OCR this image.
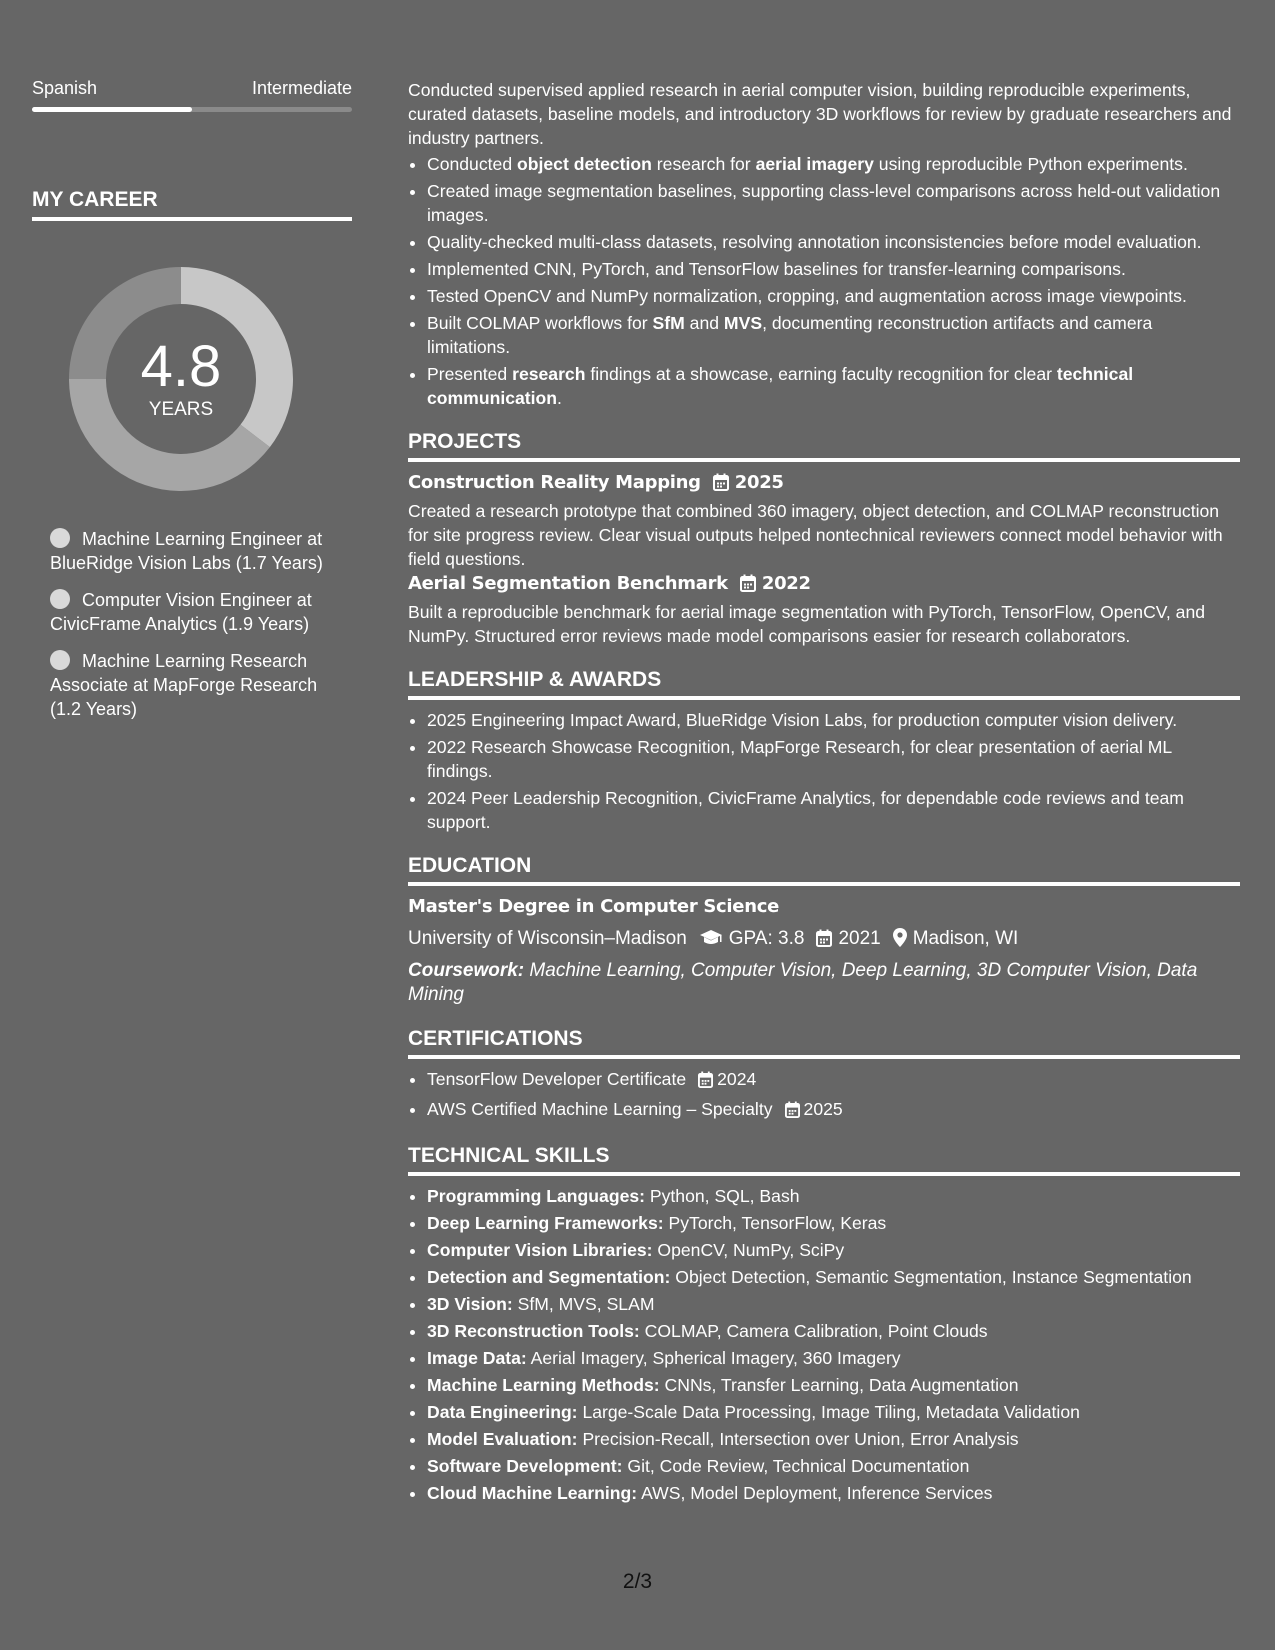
Spanish	Intermediate
MY CAREER
4.8
YEARS
Machine Learning Engineer at BlueRidge Vision Labs (1.7 Years)
Computer Vision Engineer at CivicFrame Analytics (1.9 Years)
Machine Learning Research Associate at MapForge Research (1.2 Years)

Conducted supervised applied research in aerial computer vision, building reproducible experiments, curated datasets, baseline models, and introductory 3D workflows for review by graduate researchers and industry partners.

• Conducted object detection research for aerial imagery using reproducible Python experiments.
• Created image segmentation baselines, supporting class-level comparisons across held-out validation images.
• Quality-checked multi-class datasets, resolving annotation inconsistencies before model evaluation.
• Implemented CNN, PyTorch, and TensorFlow baselines for transfer-learning comparisons.
• Tested OpenCV and NumPy normalization, cropping, and augmentation across image viewpoints.
• Built COLMAP workflows for SfM and MVS, documenting reconstruction artifacts and camera limitations.
• Presented research findings at a showcase, earning faculty recognition for clear technical communication.
PROJECTS
Construction Reality Mapping 2025

Created a research prototype that combined 360 imagery, object detection, and COLMAP reconstruction for site progress review. Clear visual outputs helped nontechnical reviewers connect model behavior with field questions.

Aerial Segmentation Benchmark 2022

Built a reproducible benchmark for aerial image segmentation with PyTorch, TensorFlow, OpenCV, and NumPy. Structured error reviews made model comparisons easier for research collaborators.

LEADERSHIP & AWARDS
• 2025 Engineering Impact Award, BlueRidge Vision Labs, for production computer vision delivery.
• 2022 Research Showcase Recognition, MapForge Research, for clear presentation of aerial ML findings.
• 2024 Peer Leadership Recognition, CivicFrame Analytics, for dependable code reviews and team support.
EDUCATION
Master's Degree in Computer Science
University of Wisconsin–Madison GPA: 3.8 2021 Madison, WI
Coursework: Machine Learning, Computer Vision, Deep Learning, 3D Computer Vision, Data Mining
CERTIFICATIONS
• TensorFlow Developer Certificate 2024
• AWS Certified Machine Learning – Specialty 2025
TECHNICAL SKILLS
• Programming Languages: Python, SQL, Bash
• Deep Learning Frameworks: PyTorch, TensorFlow, Keras
• Computer Vision Libraries: OpenCV, NumPy, SciPy
• Detection and Segmentation: Object Detection, Semantic Segmentation, Instance Segmentation
• 3D Vision: SfM, MVS, SLAM
• 3D Reconstruction Tools: COLMAP, Camera Calibration, Point Clouds
• Image Data: Aerial Imagery, Spherical Imagery, 360 Imagery
• Machine Learning Methods: CNNs, Transfer Learning, Data Augmentation
• Data Engineering: Large-Scale Data Processing, Image Tiling, Metadata Validation
• Model Evaluation: Precision-Recall, Intersection over Union, Error Analysis
• Software Development: Git, Code Review, Technical Documentation
• Cloud Machine Learning: AWS, Model Deployment, Inference Services
2/3
